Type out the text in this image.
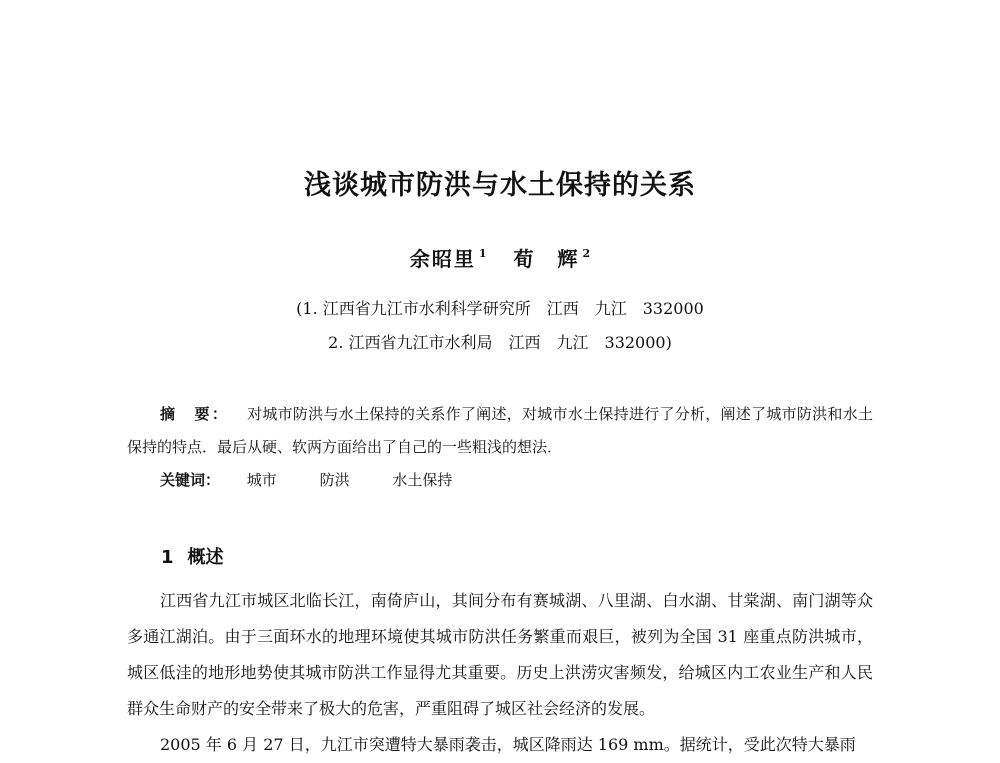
浅谈城市防洪与水土保持的关系
余昭里 $^1$ 荀　辉 $^2$
(1. 江西省九江市水利科学研究所　江西　九江　332000
2. 江西省九江市水利局　江西　九江　332000)
摘　要： 对城市防洪与水土保持的关系作了阐述，对城市水土保持进行了分析，阐述了城市防洪和水土保持的特点．最后从硬、软两方面给出了自己的一些粗浅的想法．
关键词： 城市	防洪	水土保持
1 概述

江西省九江市城区北临长江，南倚庐山，其间分布有赛城湖、八里湖、白水湖、甘棠湖、南门湖等众多通江湖泊。由于三面环水的地理环境使其城市防洪任务繁重而艰巨，被列为全国 31 座重点防洪城市，城区低洼的地形地势使其城市防洪工作显得尤其重要。历史上洪涝灾害频发，给城区内工农业生产和人民群众生命财产的安全带来了极大的危害，严重阻碍了城区社会经济的发展。

2005 年 6 月 27 日，九江市突遭特大暴雨袭击，城区降雨达 169 mm。据统计，受此次特大暴雨
